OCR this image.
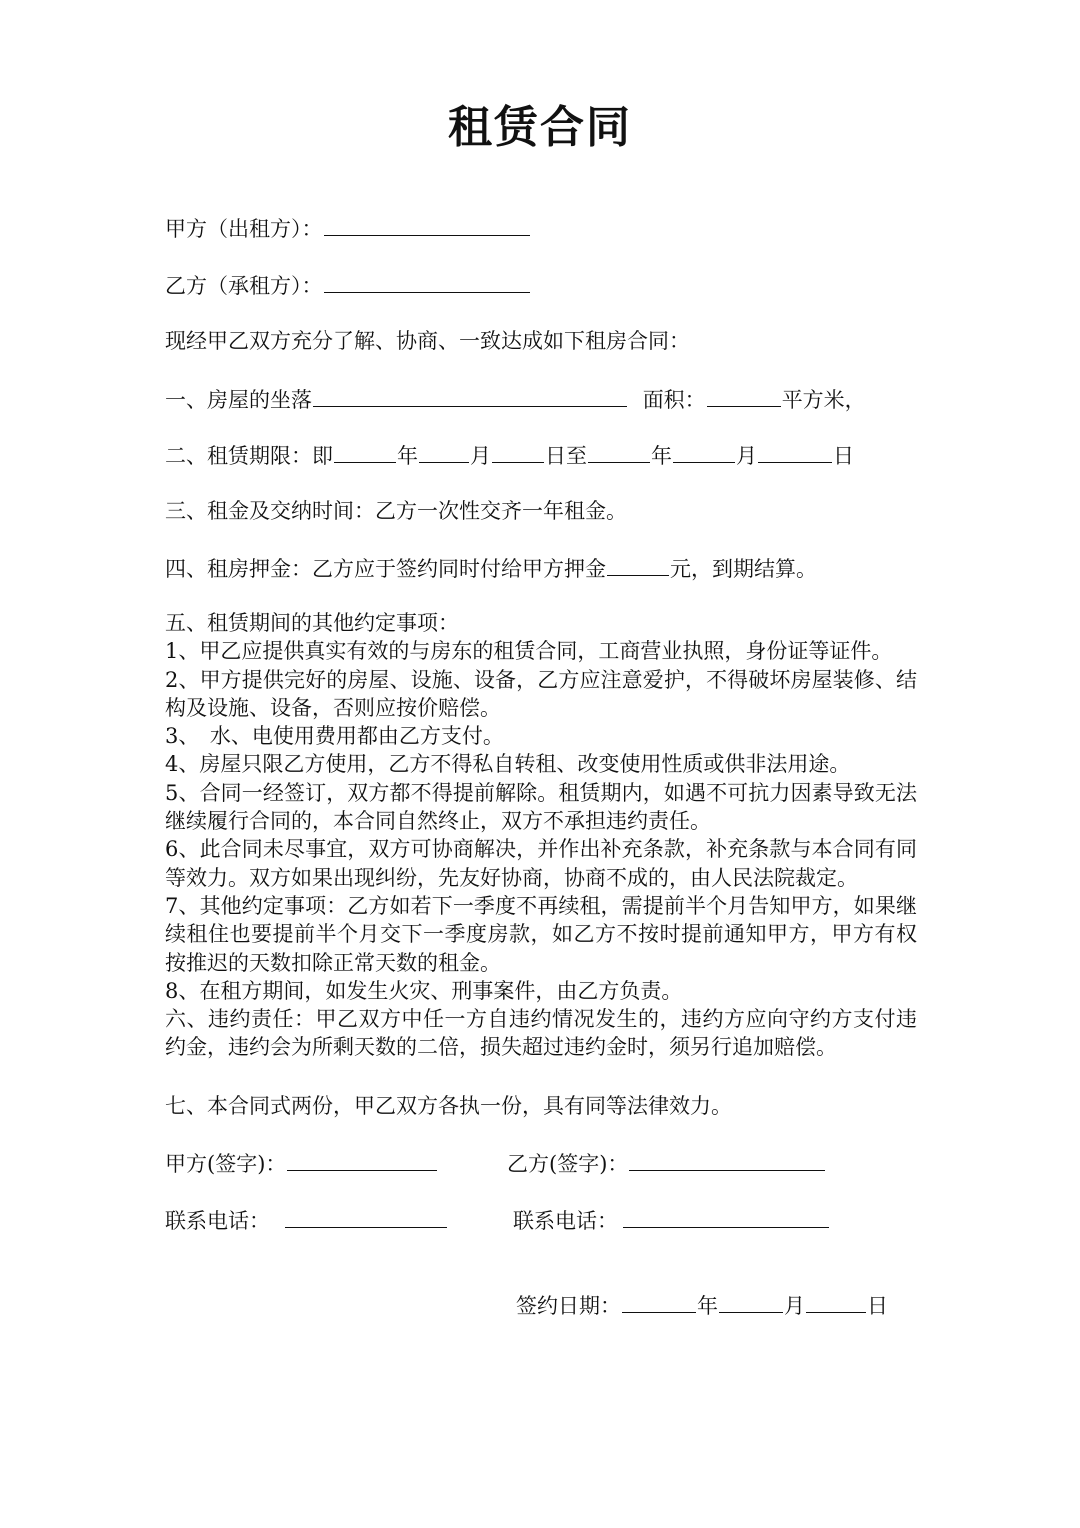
租赁合同
甲方（出租方）：
乙方（承租方）：
现经甲乙双方充分了解、协商、一致达成如下租房合同：
一、房屋的坐落	面积：	平方米，
二、租赁期限：即	年 月	日至	年	月	日
三、租金及交纳时间：乙方一次性交齐一年租金。
四、租房押金：乙方应于签约同时付给甲方押金	元，到期结算。

五、租赁期间的其他约定事项：

1、甲乙应提供真实有效的与房东的租赁合同，工商营业执照，身份证等证件。

2、甲方提供完好的房屋、设施、设备，乙方应注意爱护，不得破坏房屋装修、结构及设施、设备，否则应按价赔偿。

3、　水、电使用费用都由乙方支付。

4、房屋只限乙方使用，乙方不得私自转租、改变使用性质或供非法用途。

5、合同一经签订，双方都不得提前解除。租赁期内，如遇不可抗力因素导致无法继续履行合同的，本合同自然终止，双方不承担违约责任。

6、此合同未尽事宜，双方可协商解决，并作出补充条款，补充条款与本合同有同等效力。双方如果出现纠纷，先友好协商，协商不成的，由人民法院裁定。

7、其他约定事项：乙方如若下一季度不再续租，需提前半个月告知甲方，如果继续租住也要提前半个月交下一季度房款，如乙方不按时提前通知甲方，甲方有权按推迟的天数扣除正常天数的租金。

8、在租方期间，如发生火灾、刑事案件，由乙方负责。

六、违约责任：甲乙双方中任一方自违约情况发生的，违约方应向守约方支付违约金，违约会为所剩天数的二倍，损失超过违约金时，须另行追加赔偿。

七、本合同式两份，甲乙双方各执一份，具有同等法律效力。
甲方(签字)：	乙方(签字)：
联系电话：	联系电话：
签约日期：	年	月	日
